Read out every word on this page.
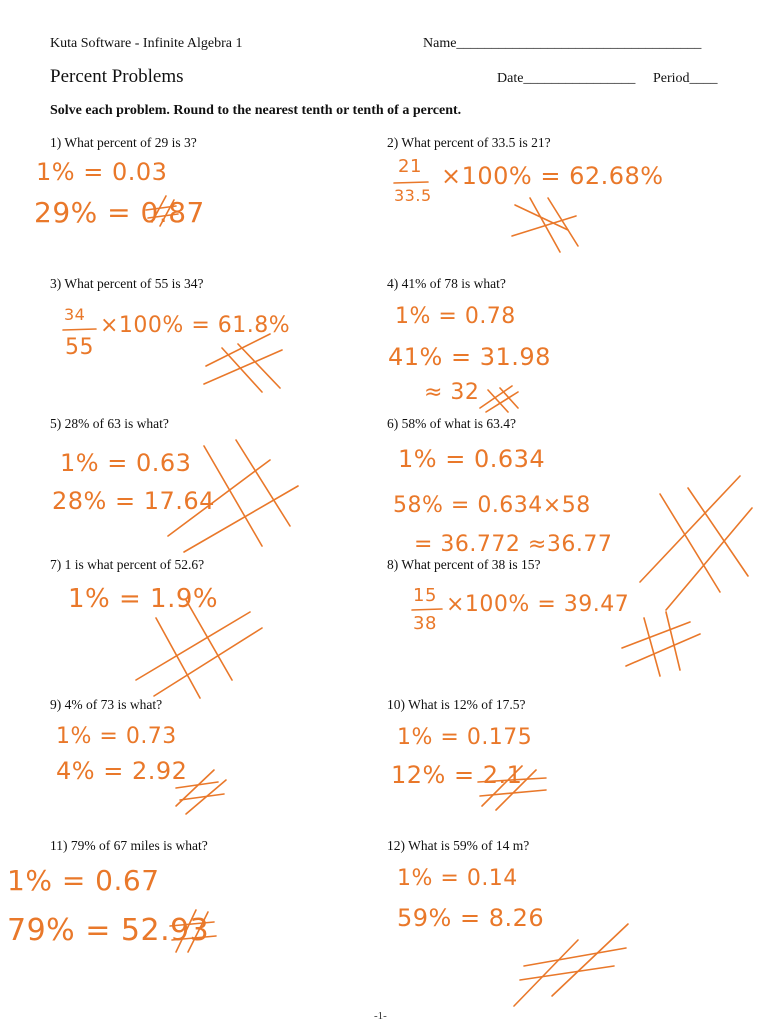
Kuta Software - Infinite Algebra 1	Name___________________________________
Percent Problems	Date________________ Period____
Solve each problem. Round to the nearest tenth or tenth of a percent.
1) What percent of 29 is 3?	2) What percent of 33.5 is 21?
3) What percent of 55 is 34?	4) 41% of 78 is what?
5) 28% of 63 is what?	6) 58% of what is 63.4?
7) 1 is what percent of 52.6?	8) What percent of 38 is 15?
9) 4% of 73 is what?	10) What is 12% of 17.5?
11) 79% of 67 miles is what?	12) What is 59% of 14 m?
1% = 0.03
29% = 0.87
21
33.5
×100% = 62.68%
34
55
×100% = 61.8%	1% = 0.78
41% = 31.98
≈ 32
1% = 0.63
28% = 17.64
1% = 0.634
58% = 0.634×58
= 36.772 ≈36.77
1% = 1.9%	15
38
×100% = 39.47
1% = 0.73
4% = 2.92
1% = 0.175
12% = 2.1
1% = 0.67
79% = 52.93
1% = 0.14
59% = 8.26
-1-
